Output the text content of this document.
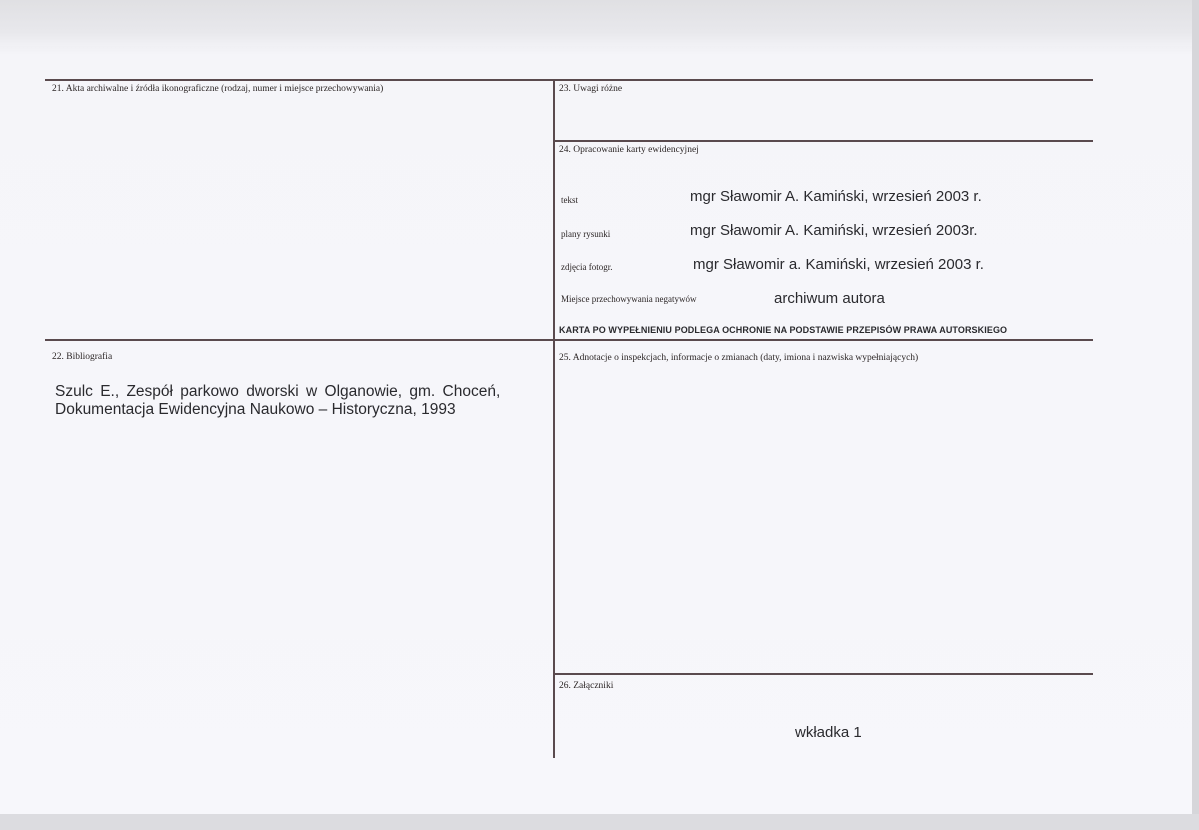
21. Akta archiwalne i źródła ikonograficzne (rodzaj, numer i miejsce przechowywania)	23. Uwagi różne
24. Opracowanie karty ewidencyjnej
tekst	mgr Sławomir A. Kamiński, wrzesień 2003 r.
plany rysunki	mgr Sławomir A. Kamiński, wrzesień 2003r.
zdjęcia fotogr.	mgr Sławomir a. Kamiński, wrzesień 2003 r.
Miejsce przechowywania negatywów	archiwum autora
KARTA PO WYPEŁNIENIU PODLEGA OCHRONIE NA PODSTAWIE PRZEPISÓW PRAWA AUTORSKIEGO
22. Bibliografia
Szulc E., Zespół parkowo dworski w Olganowie, gm. Choceń,
Dokumentacja Ewidencyjna Naukowo – Historyczna, 1993
25. Adnotacje o inspekcjach, informacje o zmianach (daty, imiona i nazwiska wypełniających)
26. Załączniki
wkładka 1
